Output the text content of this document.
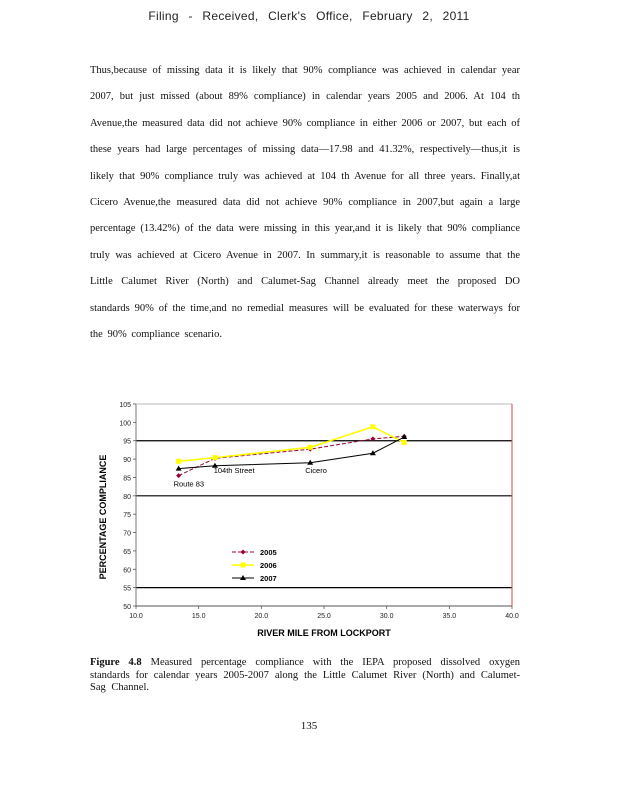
Filing - Received, Clerk's Office, February 2, 2011

Thus,because of missing data it is likely that 90% compliance was achieved in calendar year 2007, but just missed (about 89% compliance) in calendar years 2005 and 2006. At 104 th Avenue,the measured data did not achieve 90% compliance in either 2006 or 2007, but each of these years had large percentages of missing data—17.98 and 41.32%, respectively—thus,it is likely that 90% compliance truly was achieved at 104 th Avenue for all three years. Finally,at Cicero Avenue,the measured data did not achieve 90% compliance in 2007,but again a large percentage (13.42%) of the data were missing in this year,and it is likely that 90% compliance truly was achieved at Cicero Avenue in 2007. In summary,it is reasonable to assume that the Little Calumet River (North) and Calumet-Sag Channel already meet the proposed DO standards 90% of the time,and no remedial measures will be evaluated for these waterways for the 90% compliance scenario.

50
55
60
65
70
75
80
85
90
95
100
105
10.0	15.0	20.0	25.0	30.0	35.0	40.0
Route 83
104th Street	Cicero
2005
2006
2007
RIVER MILE FROM LOCKPORT
PERCENTAGE COMPLIANCE
Figure 4.8 Measured percentage compliance with the IEPA proposed dissolved oxygen standards for calendar years 2005-2007 along the Little Calumet River (North) and Calumet-Sag Channel.
135
